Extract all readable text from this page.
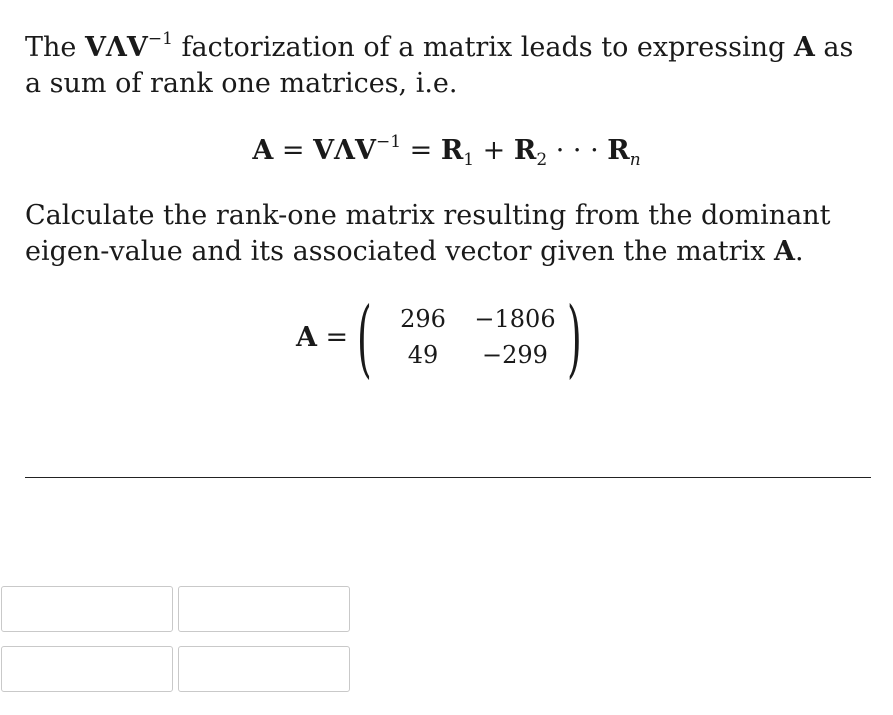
The $V\Lambda V^{-1}$ factorization of a matrix leads to expressing A as a sum of rank one matrices, i.e.
$A = V\Lambda V^{-1} = R_1 + R_2$ · · · $R_n$
Calculate the rank-one matrix resulting from the dominant eigen-value and its associated vector given the matrix A.
A = ( 296 −1806
49	−299 )
